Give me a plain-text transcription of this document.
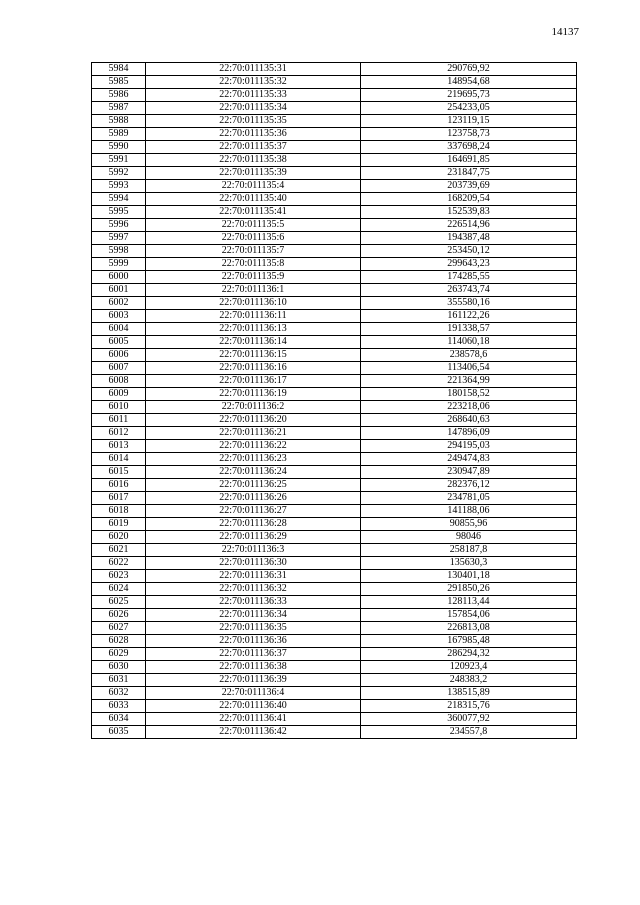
14137
5984	22:70:011135:31	290769,92
5985	22:70:011135:32	148954,68
5986	22:70:011135:33	219695,73
5987	22:70:011135:34	254233,05
5988	22:70:011135:35	123119,15
5989	22:70:011135:36	123758,73
5990	22:70:011135:37	337698,24
5991	22:70:011135:38	164691,85
5992	22:70:011135:39	231847,75
5993	22:70:011135:4	203739,69
5994	22:70:011135:40	168209,54
5995	22:70:011135:41	152539,83
5996	22:70:011135:5	226514,96
5997	22:70:011135:6	194387,48
5998	22:70:011135:7	253450,12
5999	22:70:011135:8	299643,23
6000	22:70:011135:9	174285,55
6001	22:70:011136:1	263743,74
6002	22:70:011136:10	355580,16
6003	22:70:011136:11	161122,26
6004	22:70:011136:13	191338,57
6005	22:70:011136:14	114060,18
6006	22:70:011136:15	238578,6
6007	22:70:011136:16	113406,54
6008	22:70:011136:17	221364,99
6009	22:70:011136:19	180158,52
6010	22:70:011136:2	223218,06
6011	22:70:011136:20	268640,63
6012	22:70:011136:21	147896,09
6013	22:70:011136:22	294195,03
6014	22:70:011136:23	249474,83
6015	22:70:011136:24	230947,89
6016	22:70:011136:25	282376,12
6017	22:70:011136:26	234781,05
6018	22:70:011136:27	141188,06
6019	22:70:011136:28	90855,96
6020	22:70:011136:29	98046
6021	22:70:011136:3	258187,8
6022	22:70:011136:30	135630,3
6023	22:70:011136:31	130401,18
6024	22:70:011136:32	291850,26
6025	22:70:011136:33	128113,44
6026	22:70:011136:34	157854,06
6027	22:70:011136:35	226813,08
6028	22:70:011136:36	167985,48
6029	22:70:011136:37	286294,32
6030	22:70:011136:38	120923,4
6031	22:70:011136:39	248383,2
6032	22:70:011136:4	138515,89
6033	22:70:011136:40	218315,76
6034	22:70:011136:41	360077,92
6035	22:70:011136:42	234557,8
